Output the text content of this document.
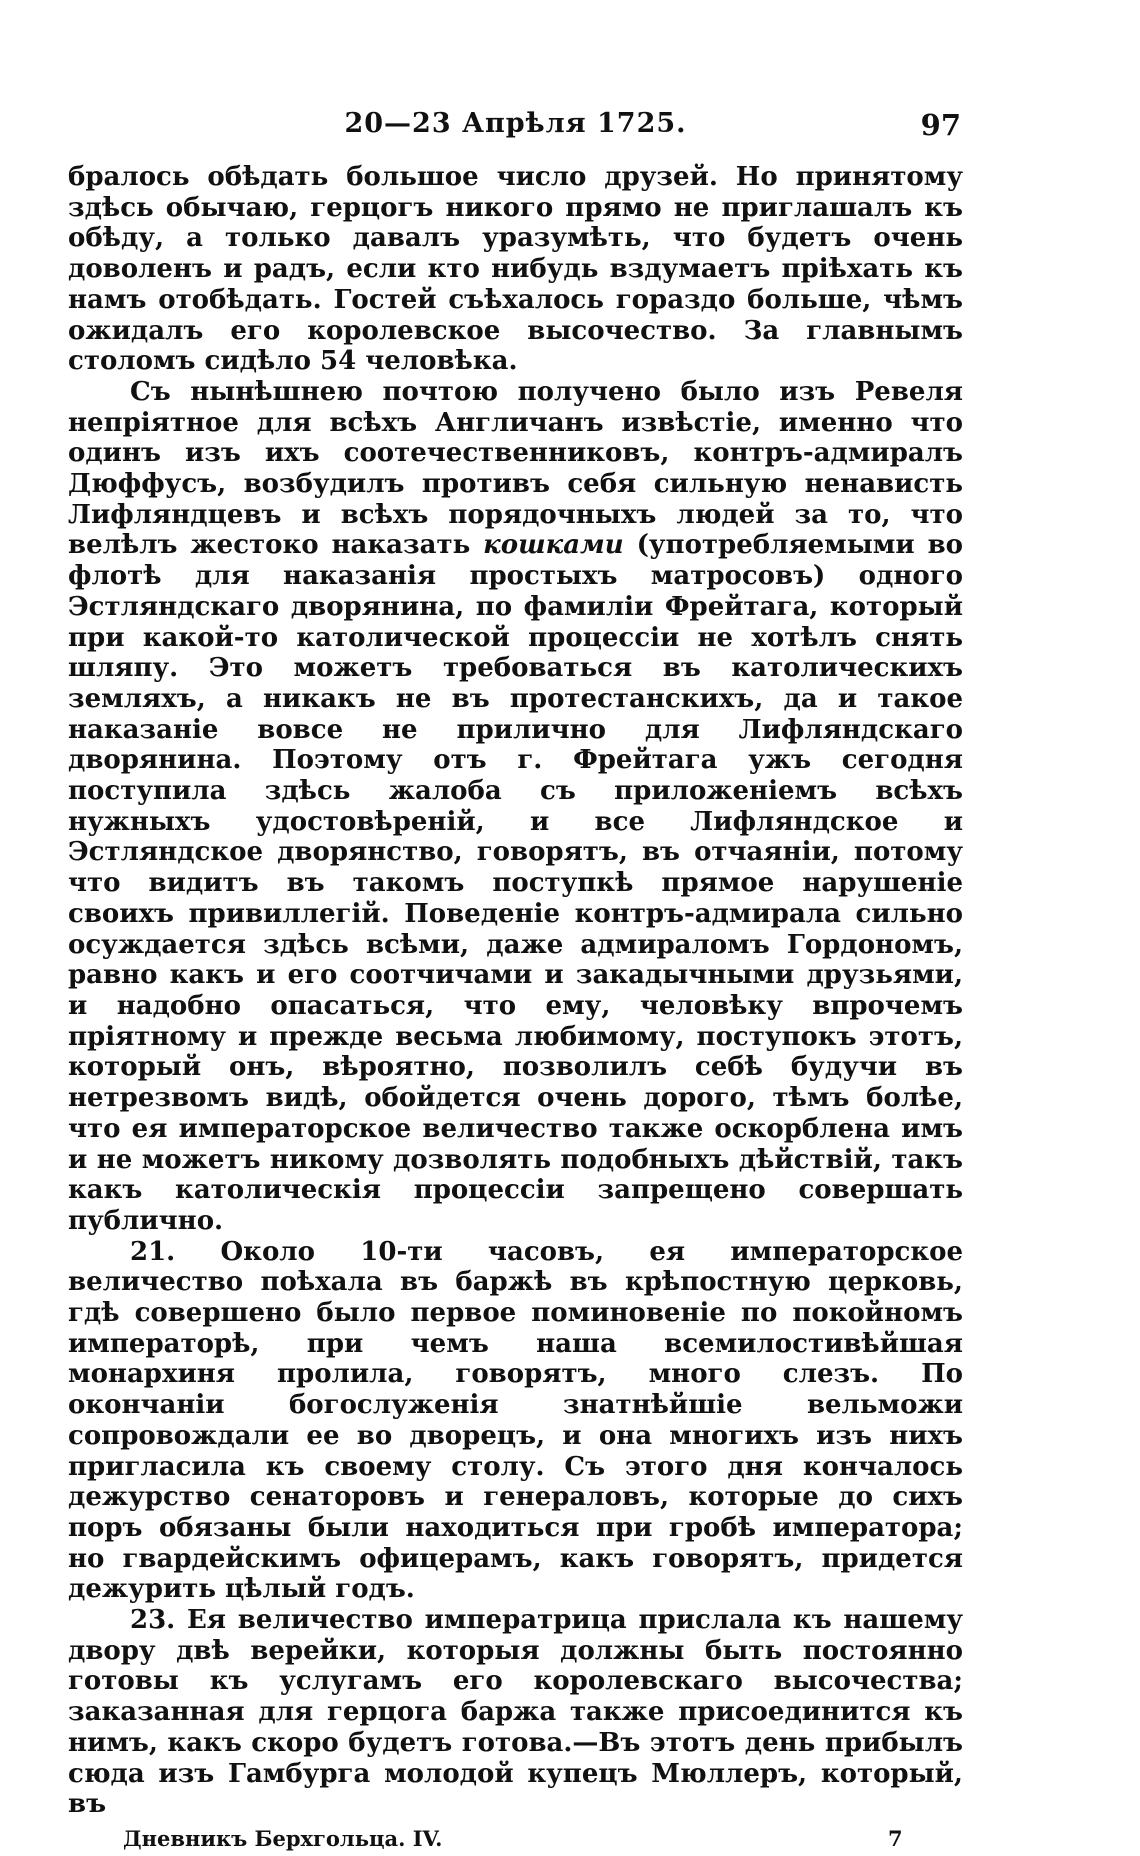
20—23 Апрѣля 1725.	97

бралось обѣдать большое число друзей. Но принятому здѣсь обычаю, герцогъ никого прямо не приглашалъ къ обѣду, а только давалъ уразумѣть, что будетъ очень доволенъ и радъ, если кто нибудь вздумаетъ пріѣхать къ намъ отобѣдать. Гостей съѣхалось гораздо больше, чѣмъ ожидалъ его королевское высочество. За главнымъ столомъ сидѣло 54 человѣка.

Съ нынѣшнею почтою получено было изъ Ревеля непріятное для всѣхъ Англичанъ извѣстіе, именно что одинъ изъ ихъ соотечественниковъ, контръ-адмиралъ Дюффусъ, возбудилъ противъ себя сильную ненависть Лифляндцевъ и всѣхъ порядочныхъ людей за то, что велѣлъ жестоко наказать кошками (употребляемыми во флотѣ для наказанія простыхъ матросовъ) одного Эстляндскаго дворянина, по фамиліи Фрейтага, который при какой-то католической процессіи не хотѣлъ снять шляпу. Это можетъ требоваться въ католическихъ земляхъ, а никакъ не въ протестанскихъ, да и такое наказаніе вовсе не прилично для Лифляндскаго дворянина. Поэтому отъ г. Фрейтага ужъ сегодня поступила здѣсь жалоба съ приложеніемъ всѣхъ нужныхъ удостовѣреній, и все Лифляндское и Эстляндское дворянство, говорятъ, въ отчаяніи, потому что видитъ въ такомъ поступкѣ прямое нарушеніе своихъ привиллегій. Поведеніе контръ-адмирала сильно осуждается здѣсь всѣми, даже адмираломъ Гордономъ, равно какъ и его соотчичами и закадычными друзьями, и надобно опасаться, что ему, человѣку впрочемъ пріятному и прежде весьма любимому, поступокъ этотъ, который онъ, вѣроятно, позволилъ себѣ будучи въ нетрезвомъ видѣ, обойдется очень дорого, тѣмъ болѣе, что ея императорское величество также оскорблена имъ и не можетъ никому дозволять подобныхъ дѣйствій, такъ какъ католическія процессіи запрещено совершать публично.

21. Около 10-ти часовъ, ея императорское величество поѣхала въ баржѣ въ крѣпостную церковь, гдѣ совершено было первое поминовеніе по покойномъ императорѣ, при чемъ наша всемилостивѣйшая монархиня пролила, говорятъ, много слезъ. По окончаніи богослуженія знатнѣйшіе вельможи сопровождали ее во дворецъ, и она многихъ изъ нихъ пригласила къ своему столу. Съ этого дня кончалось дежурство сенаторовъ и генераловъ, которые до сихъ поръ обязаны были находиться при гробѣ императора; но гвардейскимъ офицерамъ, какъ говорятъ, придется дежурить цѣлый годъ.

23. Ея величество императрица прислала къ нашему двору двѣ верейки, которыя должны быть постоянно готовы къ услугамъ его королевскаго высочества; заказанная для герцога баржа также присоединится къ нимъ, какъ скоро будетъ готова.—Въ этотъ день прибылъ сюда изъ Гамбурга молодой купецъ Мюллеръ, который, въ

Дневникъ Берхгольца. IV.	7
